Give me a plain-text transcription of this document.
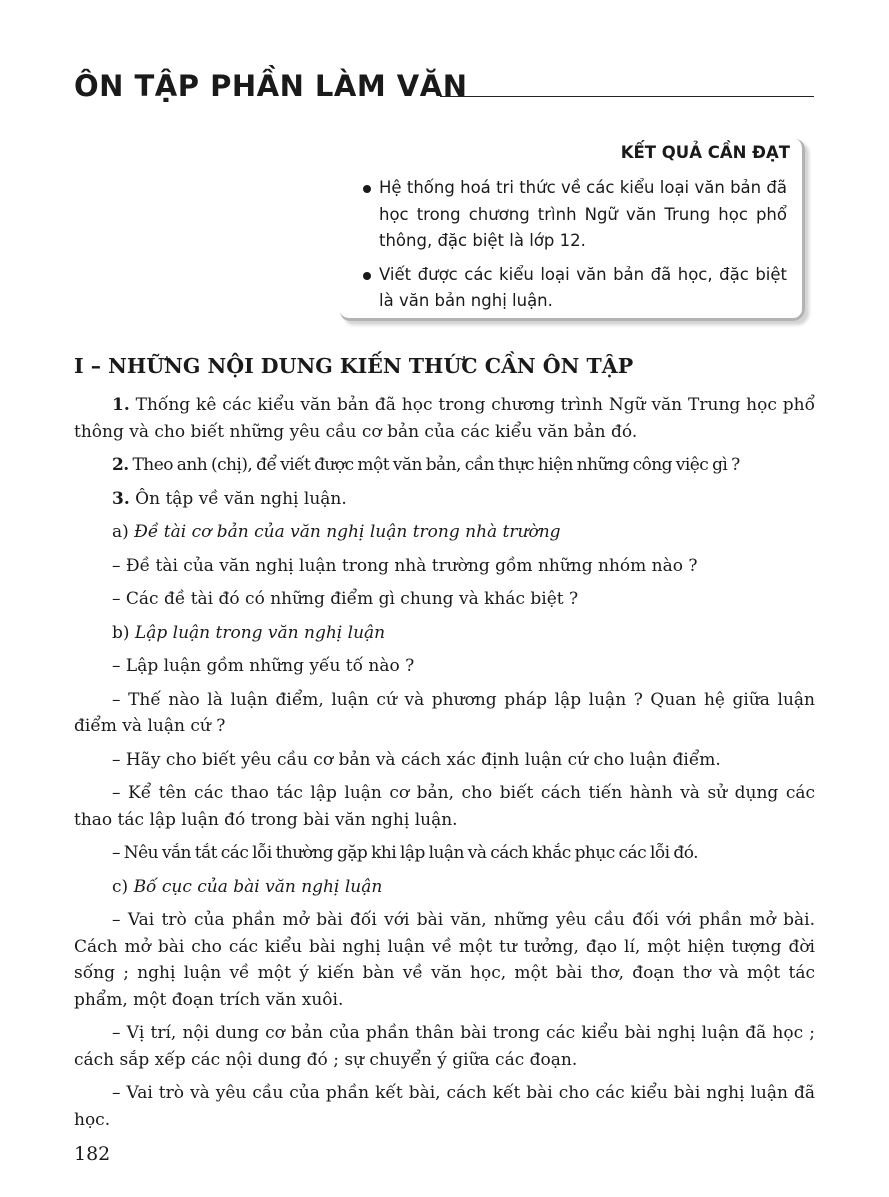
ÔN TẬP PHẦN LÀM VĂN
KẾT QUẢ CẦN ĐẠT
Hệ thống hoá tri thức về các kiểu loại văn bản đã học trong chương trình Ngữ văn Trung học phổ thông, đặc biệt là lớp 12.
Viết được các kiểu loại văn bản đã học, đặc biệt là văn bản nghị luận.
I – NHỮNG NỘI DUNG KIẾN THỨC CẦN ÔN TẬP

1. Thống kê các kiểu văn bản đã học trong chương trình Ngữ văn Trung học phổ thông và cho biết những yêu cầu cơ bản của các kiểu văn bản đó.

2. Theo anh (chị), để viết được một văn bản, cần thực hiện những công việc gì ?

3. Ôn tập về văn nghị luận.

a) Đề tài cơ bản của văn nghị luận trong nhà trường

– Đề tài của văn nghị luận trong nhà trường gồm những nhóm nào ?

– Các đề tài đó có những điểm gì chung và khác biệt ?

b) Lập luận trong văn nghị luận

– Lập luận gồm những yếu tố nào ?

– Thế nào là luận điểm, luận cứ và phương pháp lập luận ? Quan hệ giữa luận điểm và luận cứ ?

– Hãy cho biết yêu cầu cơ bản và cách xác định luận cứ cho luận điểm.

– Kể tên các thao tác lập luận cơ bản, cho biết cách tiến hành và sử dụng các thao tác lập luận đó trong bài văn nghị luận.

– Nêu vắn tắt các lỗi thường gặp khi lập luận và cách khắc phục các lỗi đó.

c) Bố cục của bài văn nghị luận

– Vai trò của phần mở bài đối với bài văn, những yêu cầu đối với phần mở bài. Cách mở bài cho các kiểu bài nghị luận về một tư tưởng, đạo lí, một hiện tượng đời sống ; nghị luận về một ý kiến bàn về văn học, một bài thơ, đoạn thơ và một tác phẩm, một đoạn trích văn xuôi.

– Vị trí, nội dung cơ bản của phần thân bài trong các kiểu bài nghị luận đã học ; cách sắp xếp các nội dung đó ; sự chuyển ý giữa các đoạn.

– Vai trò và yêu cầu của phần kết bài, cách kết bài cho các kiểu bài nghị luận đã học.

182
